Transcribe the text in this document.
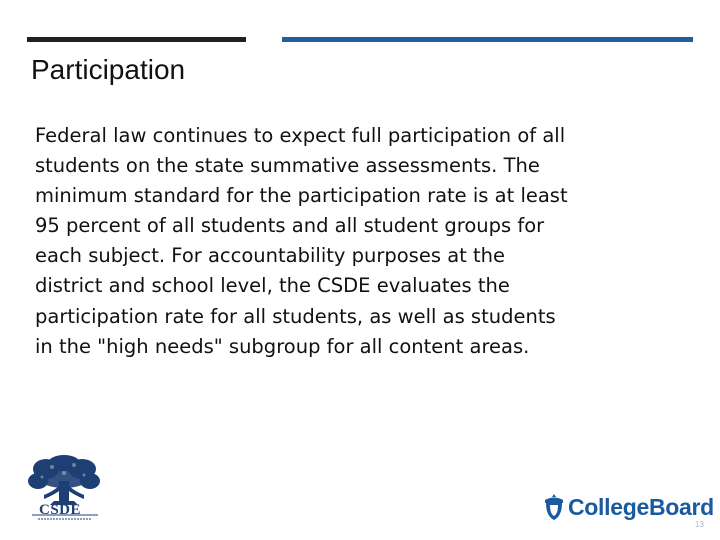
Participation
Federal law continues to expect full participation of all
students on the state summative assessments. The
minimum standard for the participation rate is at least
95 percent of all students and all student groups for
each subject. For accountability purposes at the
district and school level, the CSDE evaluates the
participation rate for all students, as well as students
in the "high needs" subgroup for all content areas.
CSDE	CollegeBoard
13
